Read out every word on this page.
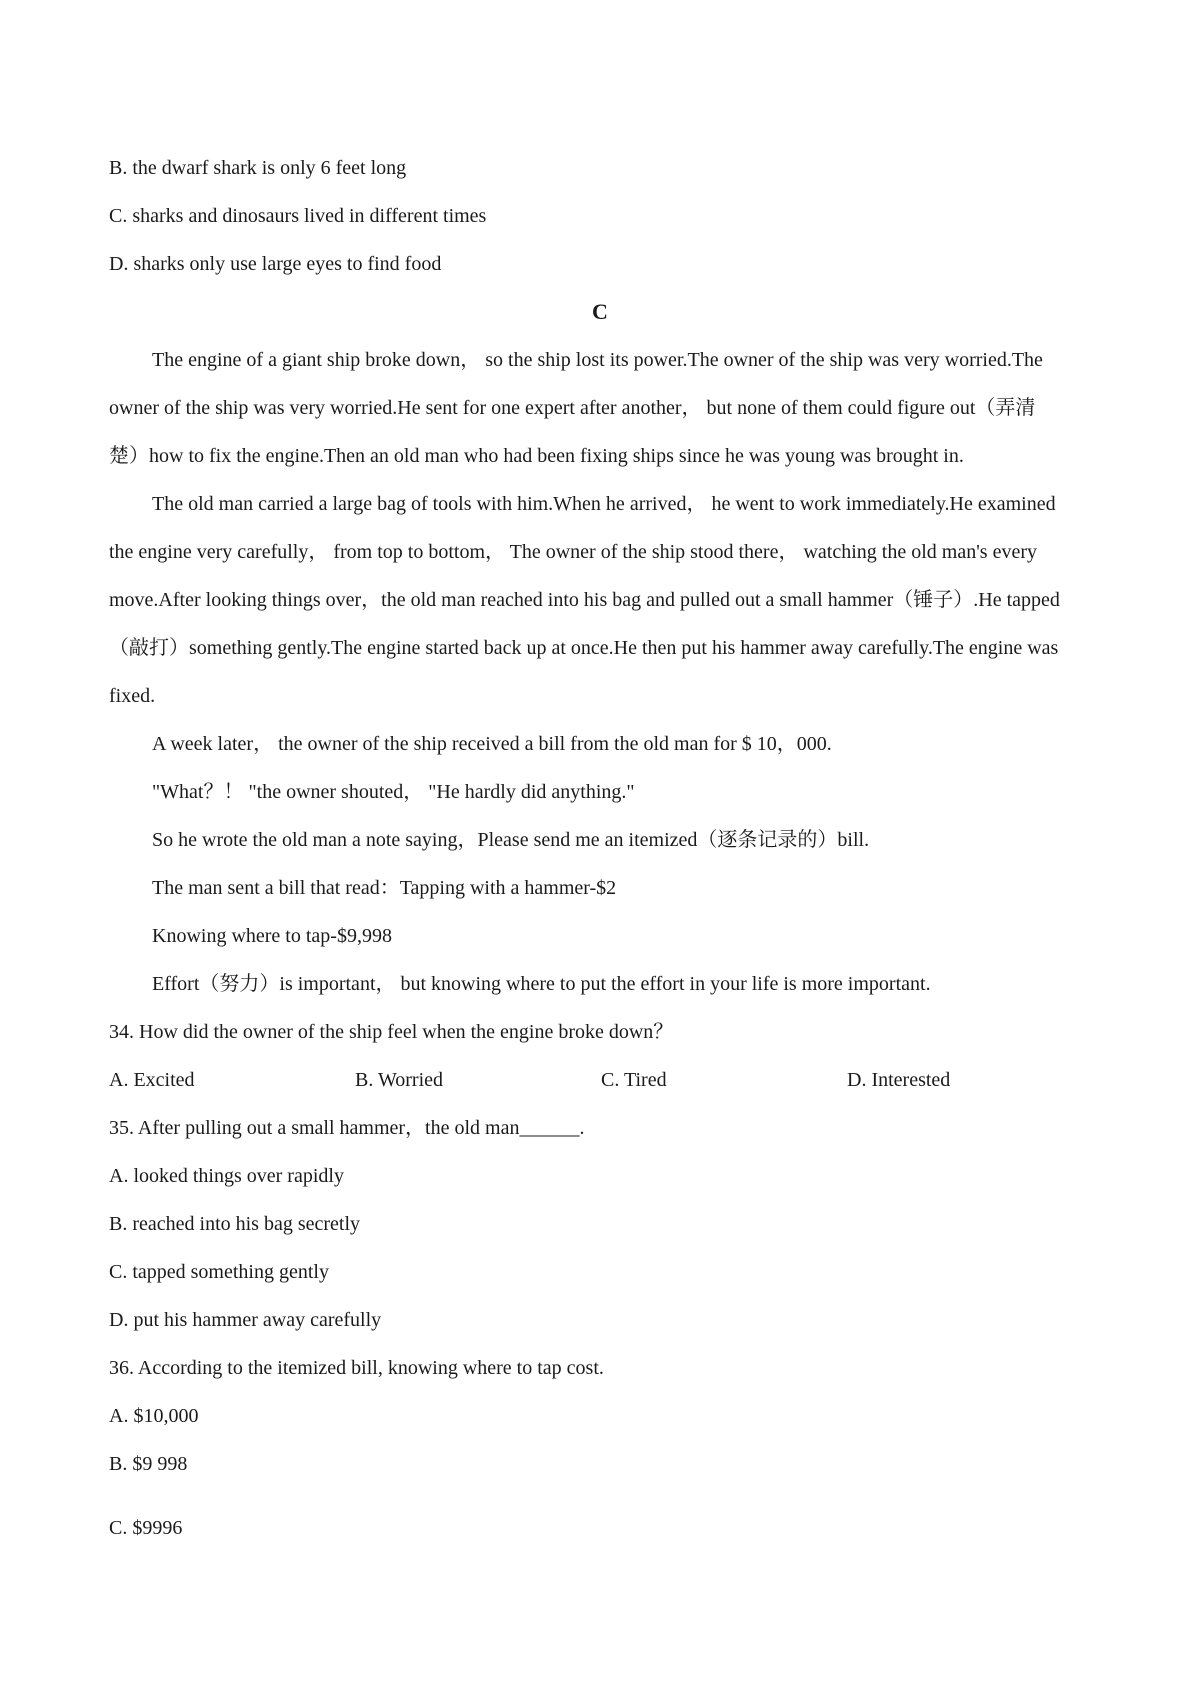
B. the dwarf shark is only 6 feet long
C. sharks and dinosaurs lived in different times
D. sharks only use large eyes to find food
C
The engine of a giant ship broke down， so the ship lost its power.The owner of the ship was very worried.The
owner of the ship was very worried.He sent for one expert after another， but none of them could figure out（弄清
楚）how to fix the engine.Then an old man who had been fixing ships since he was young was brought in.
The old man carried a large bag of tools with him.When he arrived， he went to work immediately.He examined
the engine very carefully， from top to bottom， The owner of the ship stood there， watching the old man's every
move.After looking things over，the old man reached into his bag and pulled out a small hammer（锤子）.He tapped
（敲打）something gently.The engine started back up at once.He then put his hammer away carefully.The engine was
fixed.
A week later， the owner of the ship received a bill from the old man for $ 10，000.
"What？！ "the owner shouted， "He hardly did anything."
So he wrote the old man a note saying，Please send me an itemized（逐条记录的）bill.
The man sent a bill that read：Tapping with a hammer-$2
Knowing where to tap-$9,998
Effort（努力）is important， but knowing where to put the effort in your life is more important.
34. How did the owner of the ship feel when the engine broke down？
A. Excited	B. Worried	C. Tired	D. Interested
35. After pulling out a small hammer，the old man______.
A. looked things over rapidly
B. reached into his bag secretly
C. tapped something gently
D. put his hammer away carefully
36. According to the itemized bill, knowing where to tap cost.
A. $10,000
B. $9 998
C. $9996
